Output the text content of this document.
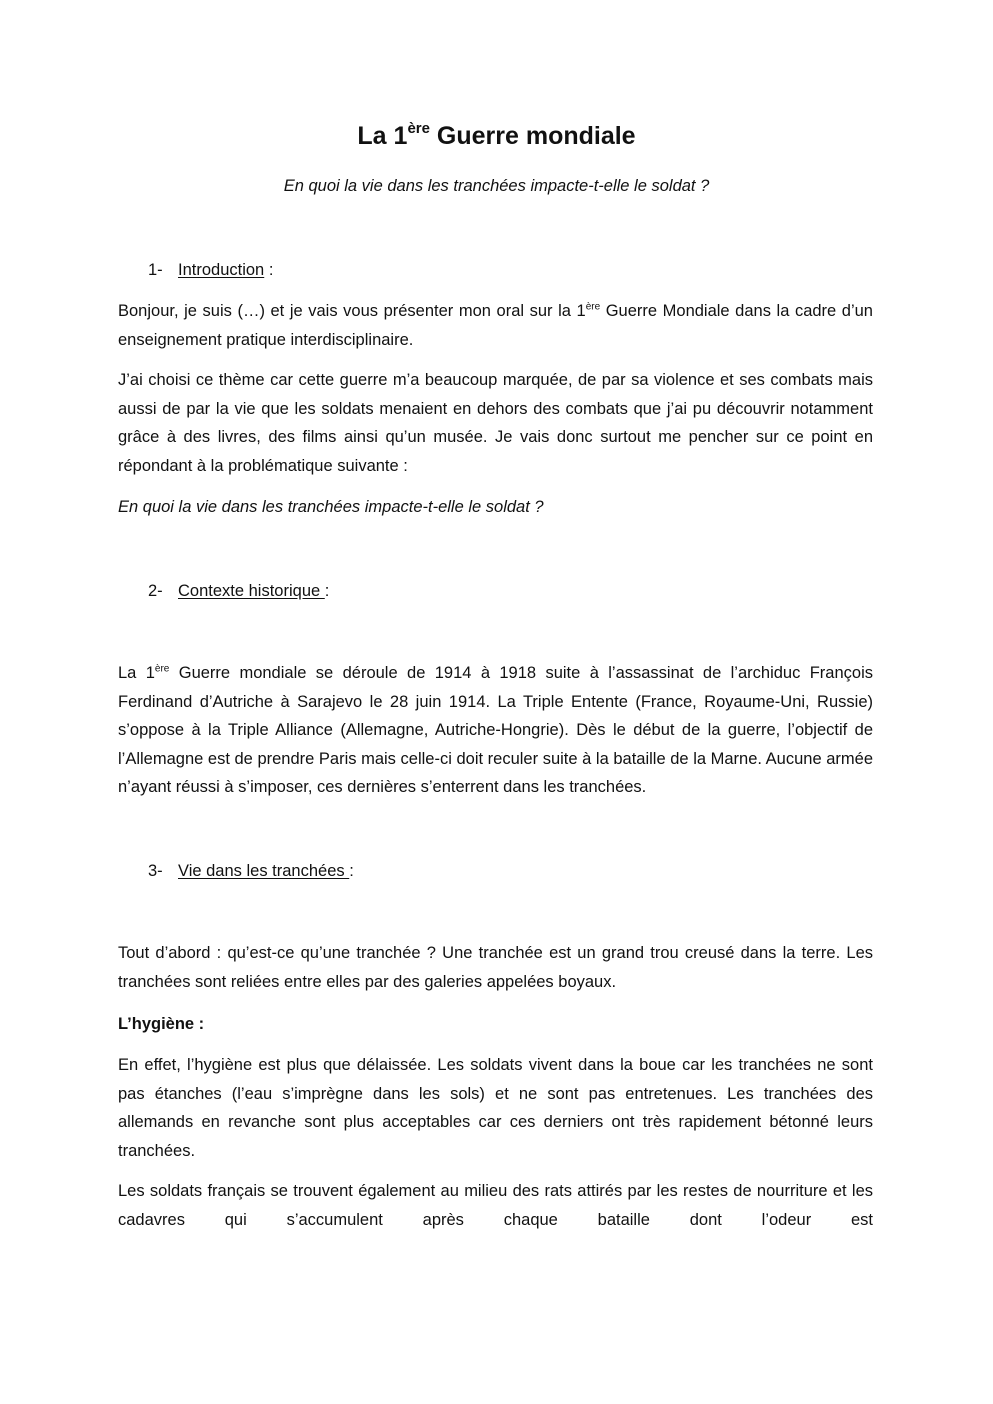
La 1ère Guerre mondiale
En quoi la vie dans les tranchées impacte-t-elle le soldat ?
1- Introduction :
Bonjour, je suis (…) et je vais vous présenter mon oral sur la 1ère Guerre Mondiale dans la cadre d’un enseignement pratique interdisciplinaire.
J’ai choisi ce thème car cette guerre m’a beaucoup marquée, de par sa violence et ses combats mais aussi de par la vie que les soldats menaient en dehors des combats que j’ai pu découvrir notamment grâce à des livres, des films ainsi qu’un musée. Je vais donc surtout me pencher sur ce point en répondant à la problématique suivante :
En quoi la vie dans les tranchées impacte-t-elle le soldat ?
2- Contexte historique :
La 1ère Guerre mondiale se déroule de 1914 à 1918 suite à l’assassinat de l’archiduc François Ferdinand d’Autriche à Sarajevo le 28 juin 1914. La Triple Entente (France, Royaume-Uni, Russie) s’oppose à la Triple Alliance (Allemagne, Autriche-Hongrie). Dès le début de la guerre, l’objectif de l’Allemagne est de prendre Paris mais celle-ci doit reculer suite à la bataille de la Marne. Aucune armée n’ayant réussi à s’imposer, ces dernières s’enterrent dans les tranchées.
3- Vie dans les tranchées :
Tout d’abord : qu’est-ce qu’une tranchée ? Une tranchée est un grand trou creusé dans la terre. Les tranchées sont reliées entre elles par des galeries appelées boyaux.
L’hygiène :
En effet, l’hygiène est plus que délaissée. Les soldats vivent dans la boue car les tranchées ne sont pas étanches (l’eau s’imprègne dans les sols) et ne sont pas entretenues. Les tranchées des allemands en revanche sont plus acceptables car ces derniers ont très rapidement bétonné leurs tranchées.
Les soldats français se trouvent également au milieu des rats attirés par les restes de nourriture et les cadavres qui s’accumulent après chaque bataille dont l’odeur est
